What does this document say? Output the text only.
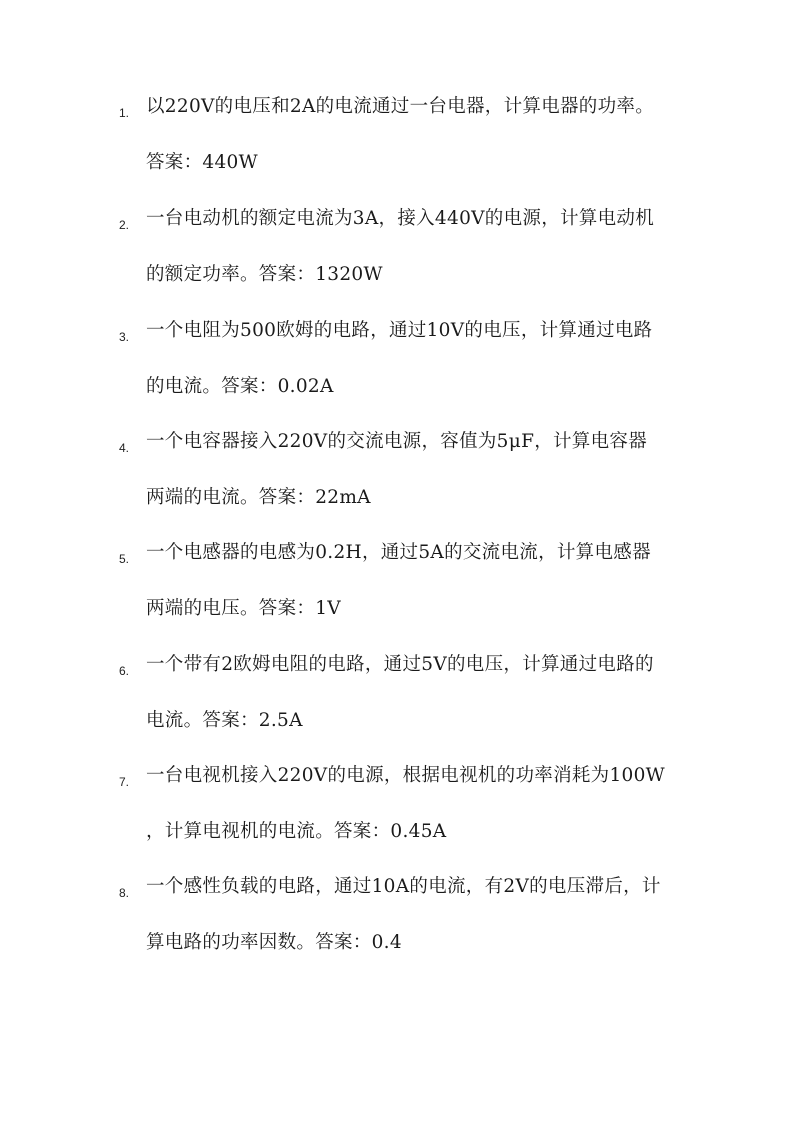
1. 以220V的电压和2A的电流通过一台电器，计算电器的功率。
答案：440W
2. 一台电动机的额定电流为3A，接入440V的电源，计算电动机
的额定功率。答案：1320W
3. 一个电阻为500欧姆的电路，通过10V的电压，计算通过电路
的电流。答案：0.02A
4. 一个电容器接入220V的交流电源，容值为5μF，计算电容器
两端的电流。答案：22mA
5. 一个电感器的电感为0.2H，通过5A的交流电流，计算电感器
两端的电压。答案：1V
6. 一个带有2欧姆电阻的电路，通过5V的电压，计算通过电路的
电流。答案：2.5A
7. 一台电视机接入220V的电源，根据电视机的功率消耗为100W
，计算电视机的电流。答案：0.45A
8. 一个感性负载的电路，通过10A的电流，有2V的电压滞后，计
算电路的功率因数。答案：0.4
